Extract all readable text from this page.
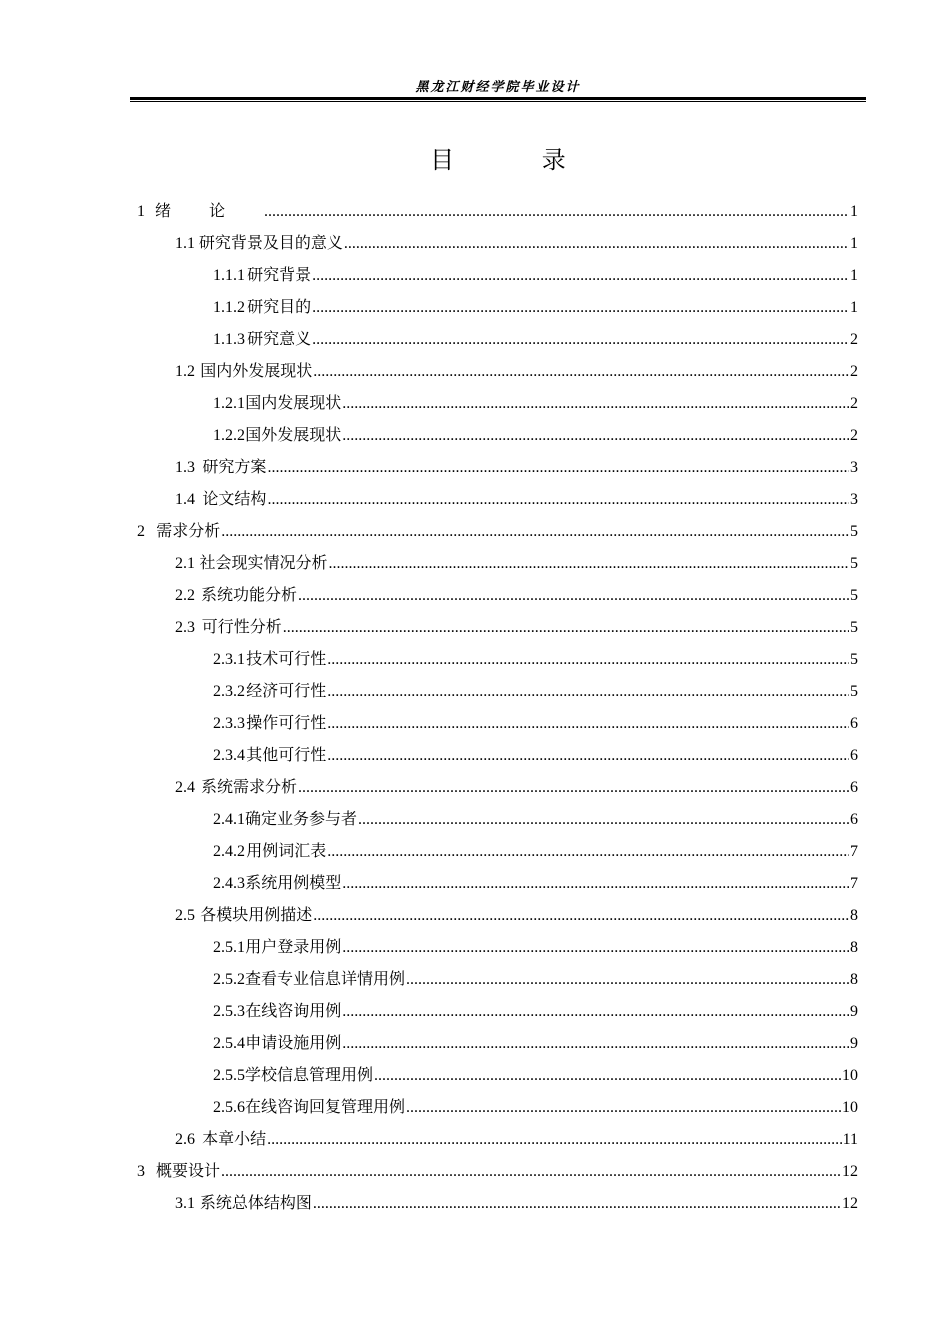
黑龙江财经学院毕业设计
目 录
1 绪论 .....	1
1.1 研究背景及目的意义 .....	1
1.1.1 研究背景 .....	1
1.1.2 研究目的 .....	1
1.1.3 研究意义 .....	2
1.2 国内外发展现状 .....	2
1.2.1 国内发展现状 .....	2
1.2.2 国外发展现状 .....	2
1.3 研究方案 .....	3
1.4 论文结构 .....	3
2 需求分析 .....	5
2.1 社会现实情况分析 .....	5
2.2 系统功能分析 .....	5
2.3 可行性分析 .....	5
2.3.1 技术可行性 .....	5
2.3.2 经济可行性 .....	5
2.3.3 操作可行性 .....	6
2.3.4 其他可行性 .....	6
2.4 系统需求分析 .....	6
2.4.1 确定业务参与者 .....	6
2.4.2 用例词汇表 .....	7
2.4.3 系统用例模型 .....	7
2.5 各模块用例描述 .....	8
2.5.1 用户登录用例 .....	8
2.5.2 查看专业信息详情用例 .....	8
2.5.3 在线咨询用例 .....	9
2.5.4 申请设施用例 .....	9
2.5.5 学校信息管理用例 .....	10
2.5.6 在线咨询回复管理用例 .....	10
2.6 本章小结 .....	11
3 概要设计 .....	12
3.1 系统总体结构图 .....	12
